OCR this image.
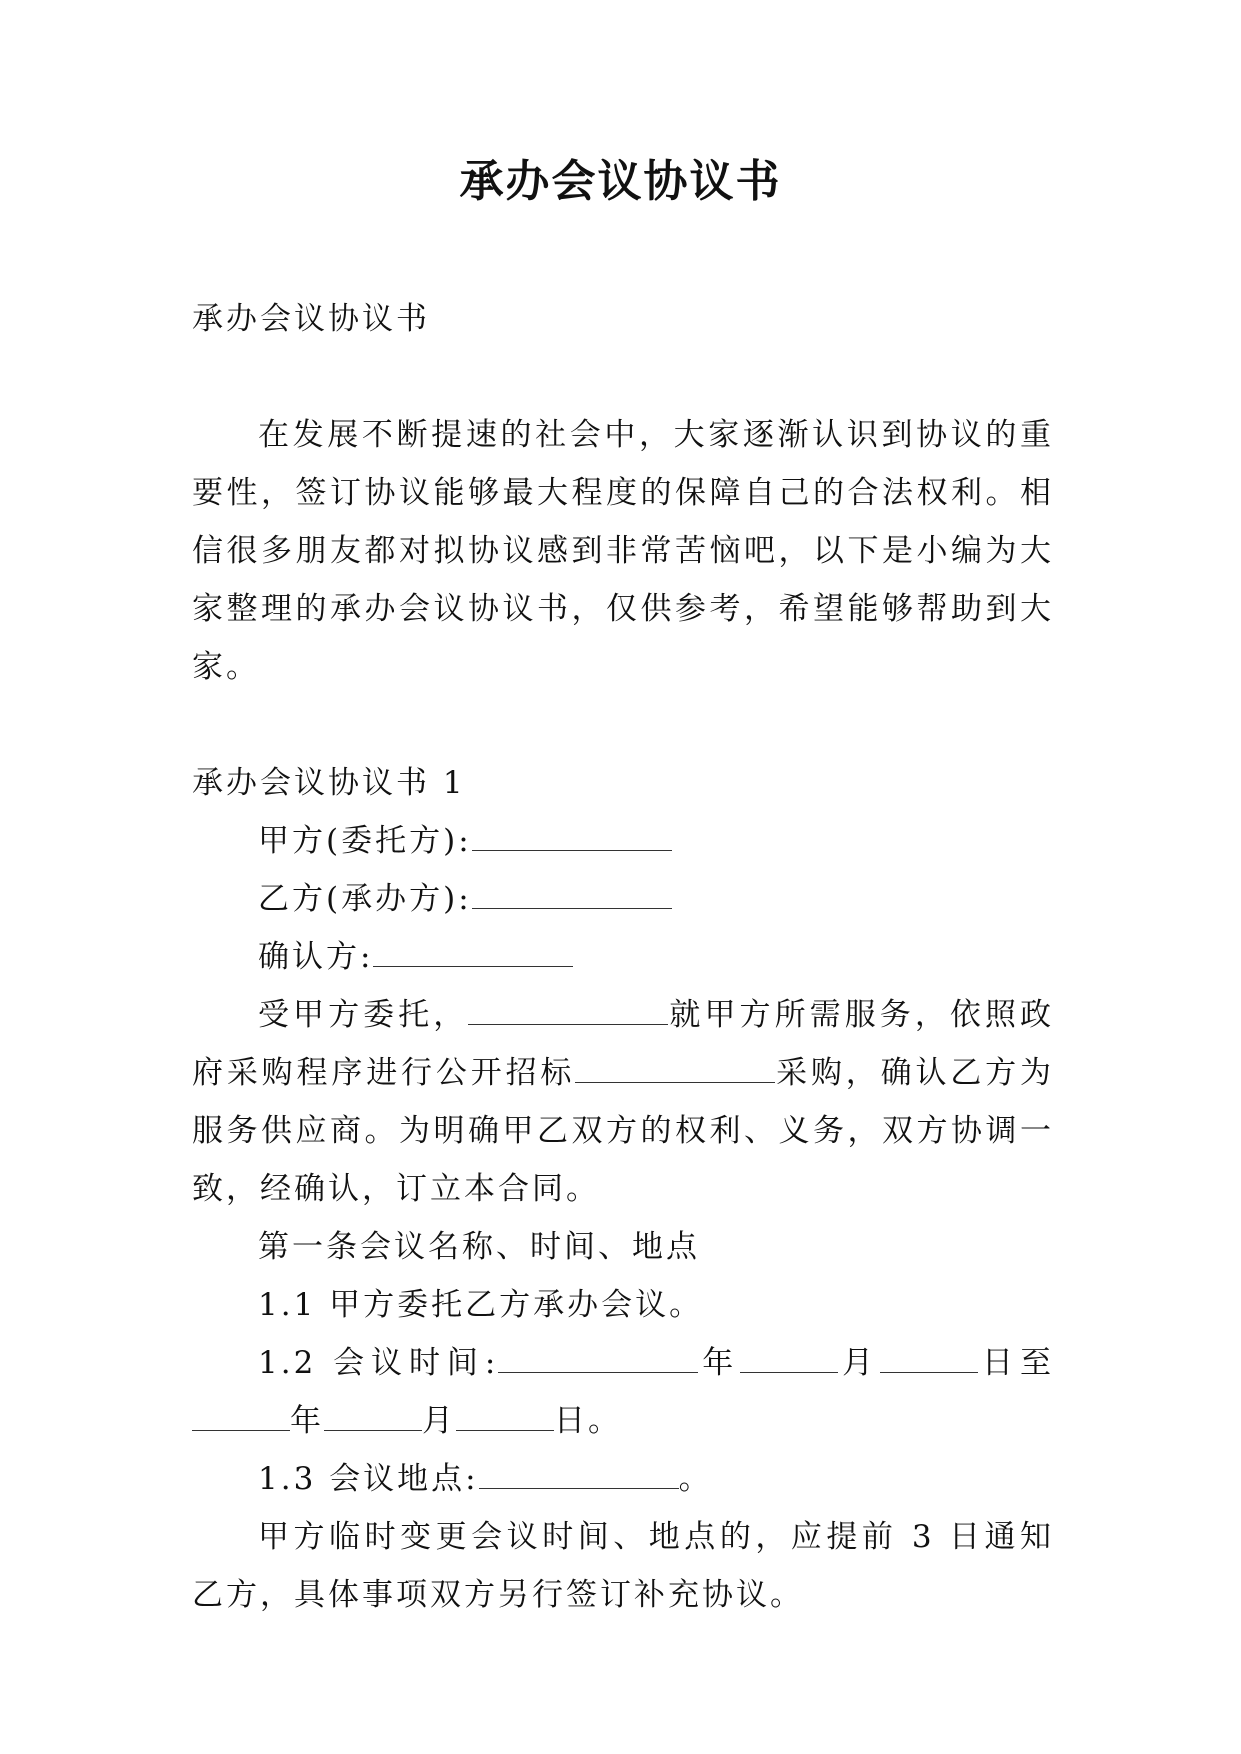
承办会议协议书

承办会议协议书

在发展不断提速的社会中，大家逐渐认识到协议的重要性，签订协议能够最大程度的保障自己的合法权利。相信很多朋友都对拟协议感到非常苦恼吧，以下是小编为大家整理的承办会议协议书，仅供参考，希望能够帮助到大家。

承办会议协议书 1

甲方(委托方):

乙方(承办方):

确认方:

受甲方委托，	就甲方所需服务，依照政府采购程序进行公开招标	采购，确认乙方为服务供应商。为明确甲乙双方的权利、义务，双方协调一致，经确认，订立本合同。

第一条会议名称、时间、地点

1.1 甲方委托乙方承办会议。

1.2 会议时间:	年	月	日至年	月	日。

1.3 会议地点:	。

甲方临时变更会议时间、地点的，应提前 3 日通知乙方，具体事项双方另行签订补充协议。
